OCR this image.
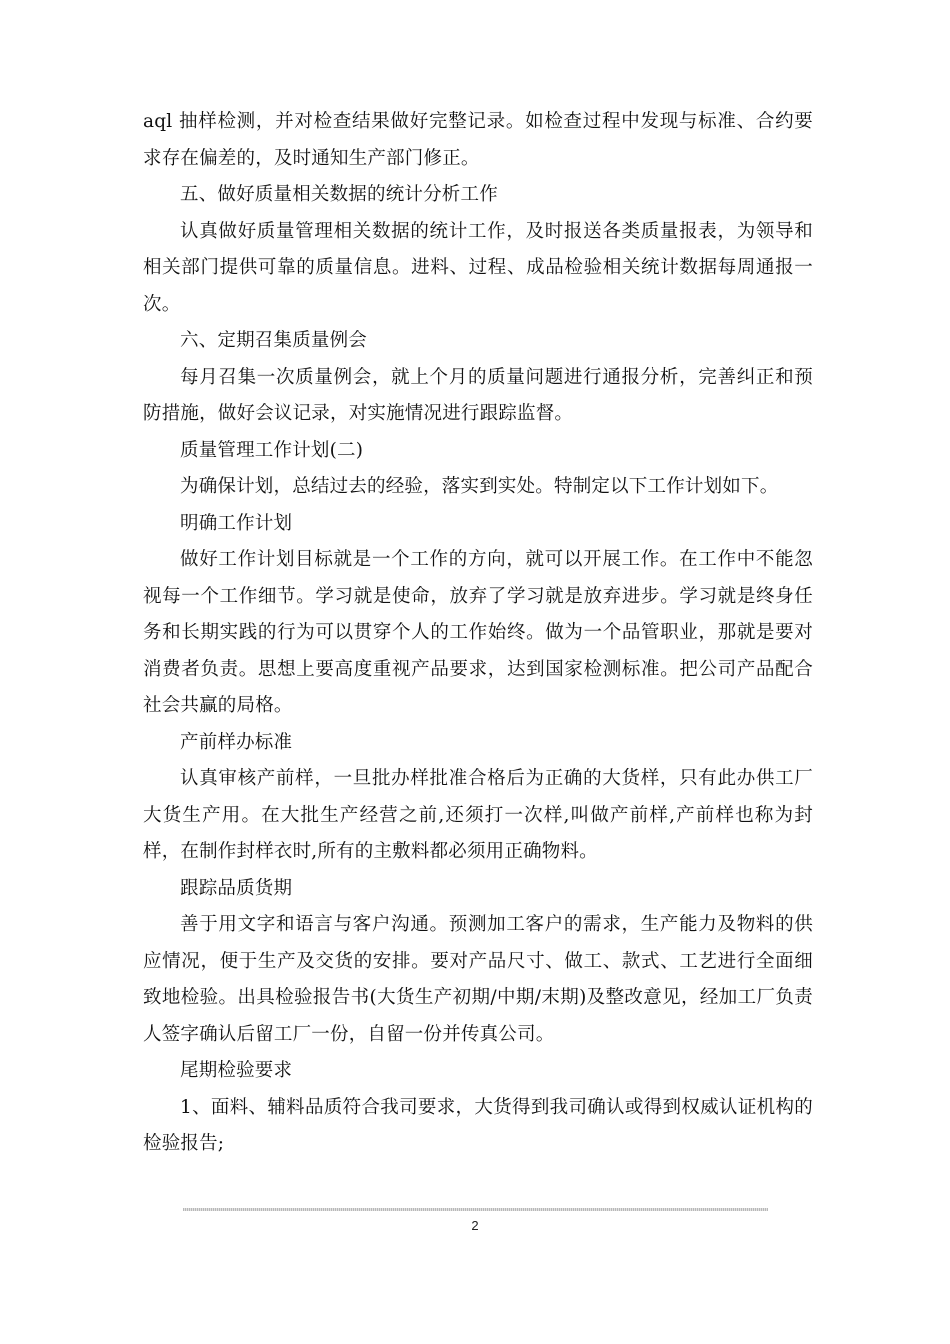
aql 抽样检测，并对检查结果做好完整记录。如检查过程中发现与标准、合约要求存在偏差的，及时通知生产部门修正。

五、做好质量相关数据的统计分析工作

认真做好质量管理相关数据的统计工作，及时报送各类质量报表，为领导和相关部门提供可靠的质量信息。进料、过程、成品检验相关统计数据每周通报一次。

六、定期召集质量例会

每月召集一次质量例会，就上个月的质量问题进行通报分析，完善纠正和预防措施，做好会议记录，对实施情况进行跟踪监督。

质量管理工作计划(二)

为确保计划，总结过去的经验，落实到实处。特制定以下工作计划如下。

明确工作计划

做好工作计划目标就是一个工作的方向，就可以开展工作。在工作中不能忽视每一个工作细节。学习就是使命，放弃了学习就是放弃进步。学习就是终身任务和长期实践的行为可以贯穿个人的工作始终。做为一个品管职业，那就是要对消费者负责。思想上要高度重视产品要求，达到国家检测标准。把公司产品配合社会共赢的局格。

产前样办标准

认真审核产前样，一旦批办样批准合格后为正确的大货样，只有此办供工厂大货生产用。在大批生产经营之前,还须打一次样,叫做产前样,产前样也称为封样，在制作封样衣时,所有的主敷料都必须用正确物料。

跟踪品质货期

善于用文字和语言与客户沟通。预测加工客户的需求，生产能力及物料的供应情况，便于生产及交货的安排。要对产品尺寸、做工、款式、工艺进行全面细致地检验。出具检验报告书(大货生产初期/中期/末期)及整改意见，经加工厂负责人签字确认后留工厂一份，自留一份并传真公司。

尾期检验要求

1、面料、辅料品质符合我司要求，大货得到我司确认或得到权威认证机构的检验报告;

2
